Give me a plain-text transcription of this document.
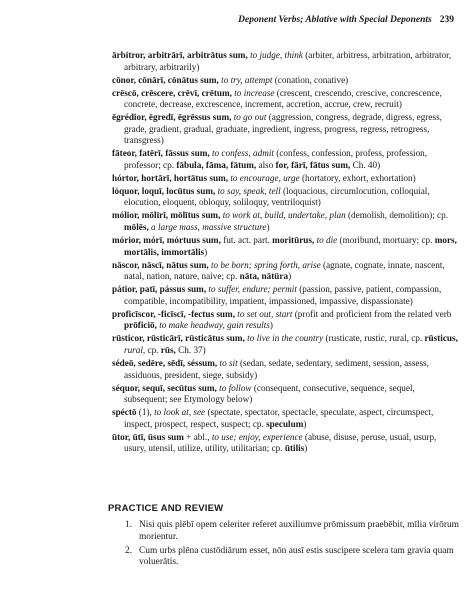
Deponent Verbs; Ablative with Special Deponents 239

ārbitror, arbitrārī, arbitrātus sum, to judge, think (arbiter, arbitress, arbitration, arbitrator, arbitrary, arbitrarily)

cōnor, cōnārī, cōnātus sum, to try, attempt (conation, conative)

crēscō, crēscere, crēvī, crētum, to increase (crescent, crescendo, crescive, concrescence, concrete, decrease, excrescence, increment, accretion, accrue, crew, recruit)

ēgrédior, ēgredī, ēgrēssus sum, to go out (aggression, congress, degrade, digress, egress, grade, gradient, gradual, graduate, ingredient, ingress, progress, regress, retrogress, transgress)

fāteor, fatērī, fāssus sum, to confess, admit (confess, confession, profess, profession, professor; cp. fābula, fāma, fātum, also for, fārī, fātus sum, Ch. 40)

hórtor, hortārī, hortātus sum, to encourage, urge (hortatory, exhort, exhortation)

lóquor, loquī, locūtus sum, to say, speak, tell (loquacious, circumlocution, colloquial, elocution, eloquent, obloquy, soliloquy, ventriloquist)

mólior, mōlīrī, mōlītus sum, to work at, build, undertake, plan (demolish, demolition); cp. mōlēs, a large mass, massive structure)

mórior, mórī, mórtuus sum, fut. act. part. moritūrus, to die (moribund, mortuary; cp. mors, mortālis, immortālis)

nāscor, nāscī, nātus sum, to be born; spring forth, arise (agnate, cognate, innate, nascent, natal, nation, nature, naive; cp. nāta, nātūra)

pátior, patī, pássus sum, to suffer, endure; permit (passion, passive, patient, compassion, compatible, incompatibility, impatient, impassioned, impassive, dispassionate)

proficīscor, -ficīscī, -fectus sum, to set out, start (profit and proficient from the related verb prōficiō, to make headway, gain results)

rūsticor, rūsticārī, rūsticātus sum, to live in the country (rusticate, rustic, rural, cp. rūsticus, rural, cp. rūs, Ch. 37)

sédeō, sedēre, sēdī, séssum, to sit (sedan, sedate, sedentary, sediment, session, assess, assiduous, president, siege, subsidy)

séquor, sequī, secūtus sum, to follow (consequent, consecutive, sequence, sequel, subsequent; see Etymology below)

spéctō (1), to look at, see (spectate, spectator, spectacle, speculate, aspect, circumspect, inspect, prospect, respect, suspect; cp. speculum)

ūtor, ūtī, ūsus sum + abl., to use; enjoy, experience (abuse, disuse, peruse, usual, usurp, usury, utensil, utilize, utility, utilitarian; cp. ūtilis)

PRACTICE AND REVIEW
1. Nisi quis plēbī opem celeriter referet auxiliumve prōmissum praebēbit, mīlia virōrum morientur.
2. Cum urbs plēna custōdiārum esset, nōn ausī estis suscipere scelera tam gravia quam voluerātis.
